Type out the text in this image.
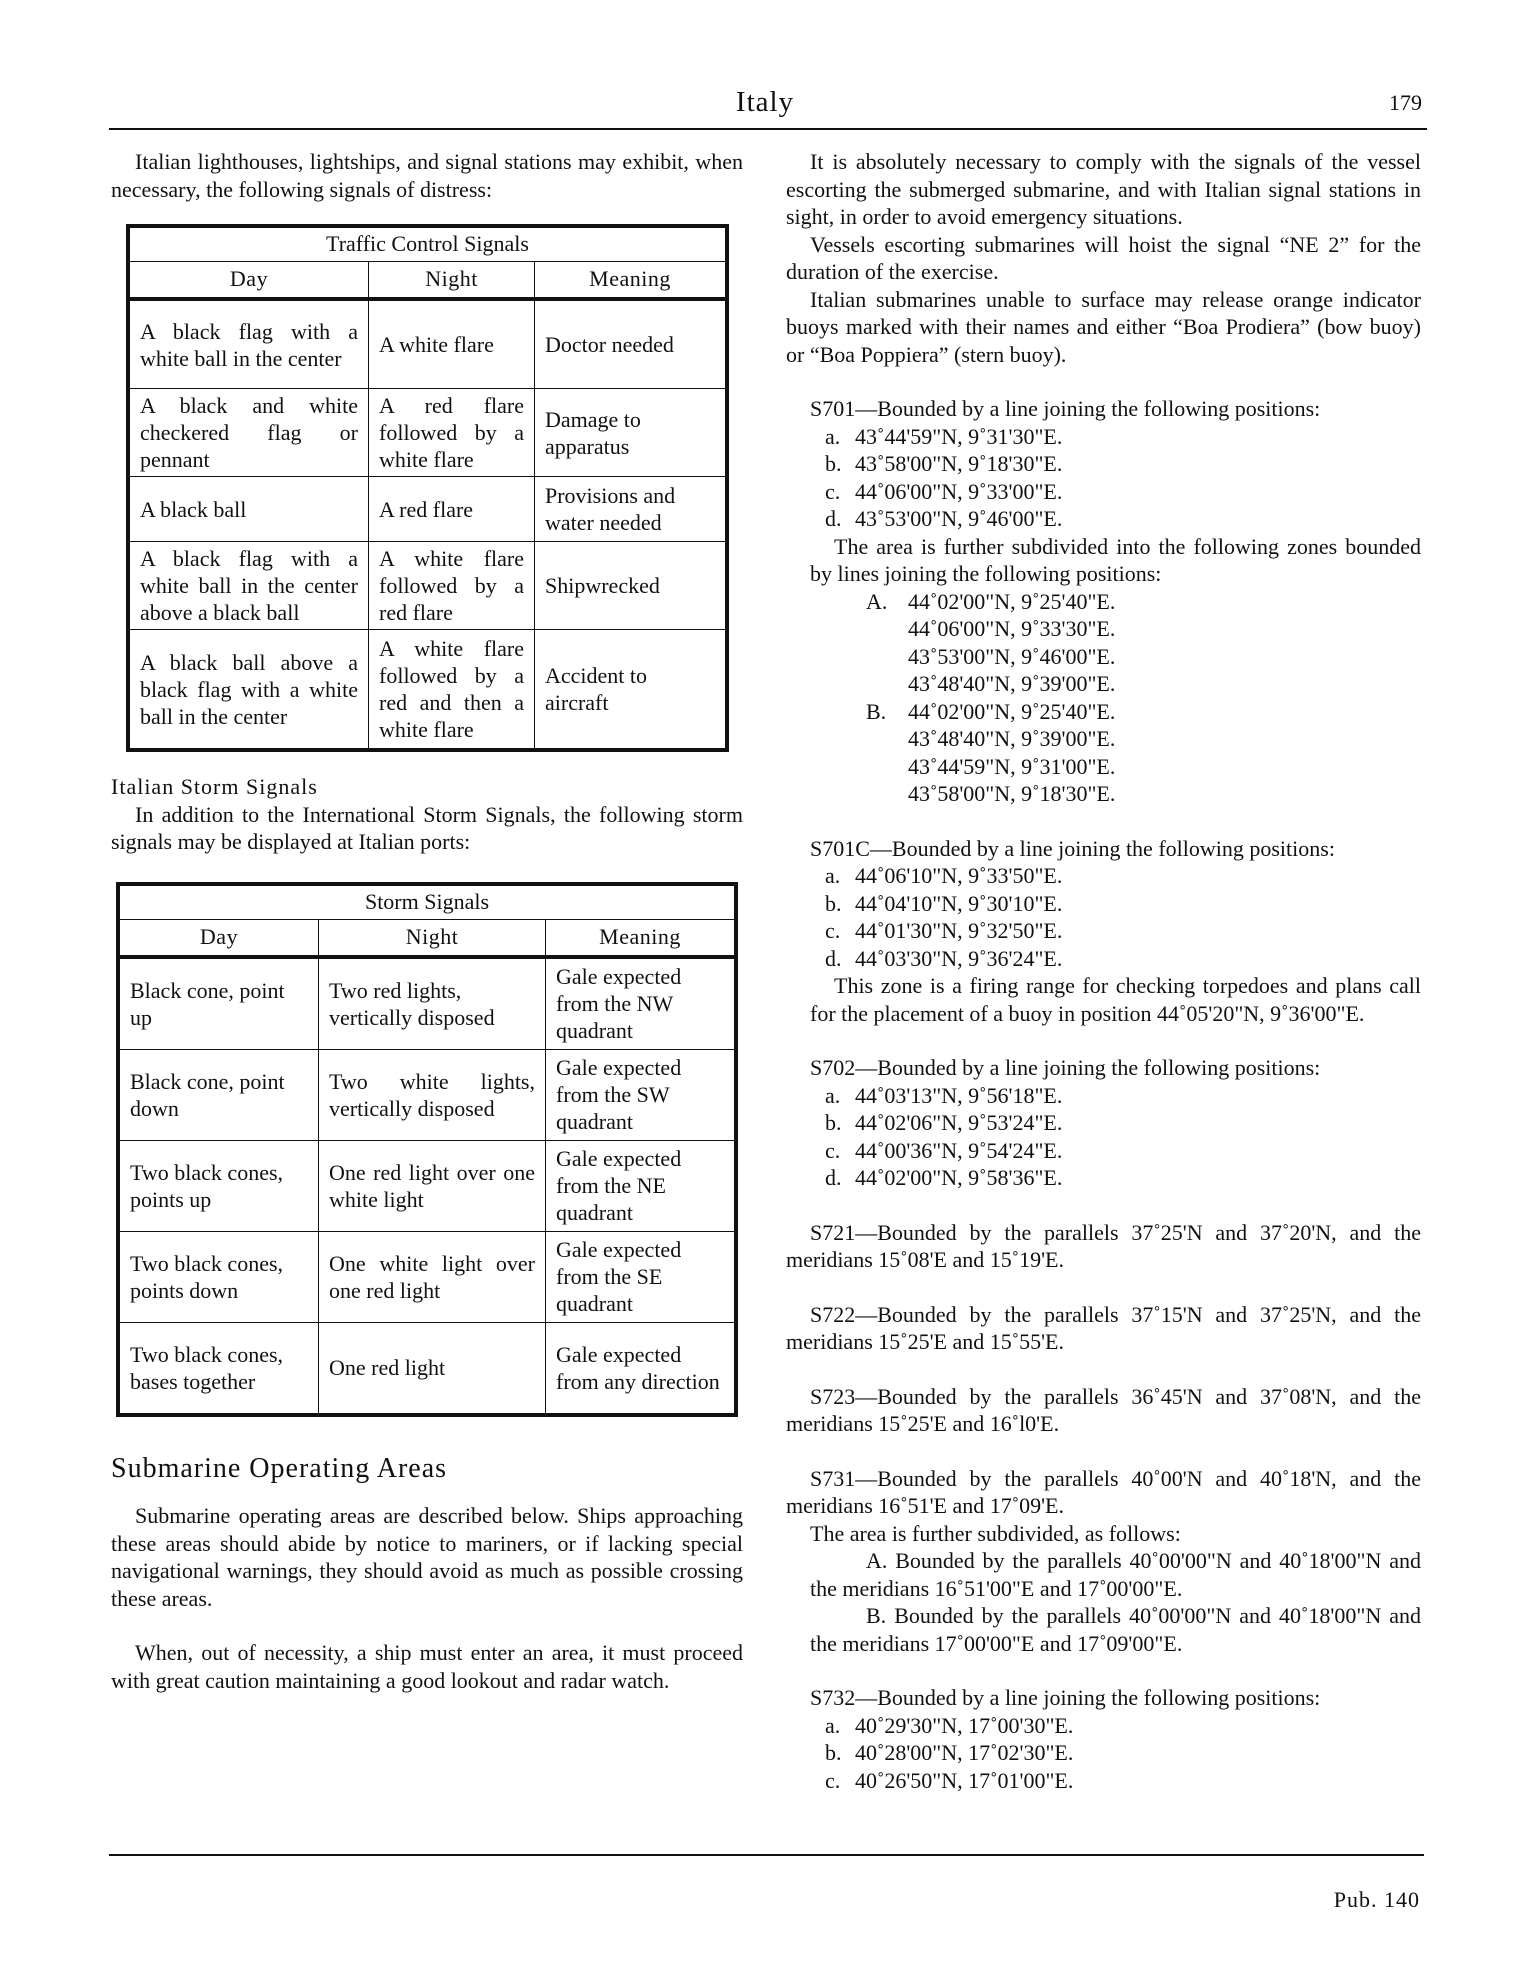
Italy	179

Italian lighthouses, lightships, and signal stations may exhibit, when necessary, the following signals of distress:

Traffic Control Signals		
Day	Night	Meaning
A black flag with a white ball in the center	A white flare	Doctor needed
A black and white checkered flag or pennant	A red flare followed by a white flare	Damage to apparatus
A black ball	A red flare	Provisions and water needed
A black flag with a white ball in the center above a black ball	A white flare followed by a red flare	Shipwrecked
A black ball above a black flag with a white ball in the center	A white flare followed by a red and then a white flare	Accident to aircraft
Italian Storm Signals

In addition to the International Storm Signals, the following storm signals may be displayed at Italian ports:

Storm Signals		
Day	Night	Meaning
Black cone, point up	Two red lights, vertically disposed	Gale expected from the NW quadrant
Black cone, point down	Two white lights, vertically disposed	Gale expected from the SW quadrant
Two black cones, points up	One red light over one white light	Gale expected from the NE quadrant
Two black cones, points down	One white light over one red light	Gale expected from the SE quadrant
Two black cones, bases together	One red light	Gale expected from any direction
Submarine Operating Areas

Submarine operating areas are described below. Ships approaching these areas should abide by notice to mariners, or if lacking special navigational warnings, they should avoid as much as possible crossing these areas.

When, out of necessity, a ship must enter an area, it must proceed with great caution maintaining a good lookout and radar watch.

It is absolutely necessary to comply with the signals of the vessel escorting the submerged submarine, and with Italian signal stations in sight, in order to avoid emergency situations.

Vessels escorting submarines will hoist the signal “NE 2” for the duration of the exercise.

Italian submarines unable to surface may release orange indicator buoys marked with their names and either “Boa Prodiera” (bow buoy) or “Boa Poppiera” (stern buoy).

S701—Bounded by a line joining the following positions:
a. 43˚44'59"N, 9˚31'30"E.
b. 43˚58'00"N, 9˚18'30"E.
c. 44˚06'00"N, 9˚33'00"E.
d. 43˚53'00"N, 9˚46'00"E.
The area is further subdivided into the following zones bounded by lines joining the following positions:
A. 44˚02'00"N, 9˚25'40"E.
44˚06'00"N, 9˚33'30"E.
43˚53'00"N, 9˚46'00"E.
43˚48'40"N, 9˚39'00"E.
B. 44˚02'00"N, 9˚25'40"E.
43˚48'40"N, 9˚39'00"E.
43˚44'59"N, 9˚31'00"E.
43˚58'00"N, 9˚18'30"E.
S701C—Bounded by a line joining the following positions:
a. 44˚06'10"N, 9˚33'50"E.
b. 44˚04'10"N, 9˚30'10"E.
c. 44˚01'30"N, 9˚32'50"E.
d. 44˚03'30"N, 9˚36'24"E.
This zone is a firing range for checking torpedoes and plans call for the placement of a buoy in position 44˚05'20"N, 9˚36'00"E.
S702—Bounded by a line joining the following positions:
a. 44˚03'13"N, 9˚56'18"E.
b. 44˚02'06"N, 9˚53'24"E.
c. 44˚00'36"N, 9˚54'24"E.
d. 44˚02'00"N, 9˚58'36"E.

S721—Bounded by the parallels 37˚25'N and 37˚20'N, and the meridians 15˚08'E and 15˚19'E.

S722—Bounded by the parallels 37˚15'N and 37˚25'N, and the meridians 15˚25'E and 15˚55'E.

S723—Bounded by the parallels 36˚45'N and 37˚08'N, and the meridians 15˚25'E and 16˚l0'E.

S731—Bounded by the parallels 40˚00'N and 40˚18'N, and the meridians 16˚51'E and 17˚09'E.

The area is further subdivided, as follows:
A. Bounded by the parallels 40˚00'00"N and 40˚18'00"N and the meridians 16˚51'00"E and 17˚00'00"E.
B. Bounded by the parallels 40˚00'00"N and 40˚18'00"N and the meridians 17˚00'00"E and 17˚09'00"E.
S732—Bounded by a line joining the following positions:
a. 40˚29'30"N, 17˚00'30"E.
b. 40˚28'00"N, 17˚02'30"E.
c. 40˚26'50"N, 17˚01'00"E.
Pub. 140
